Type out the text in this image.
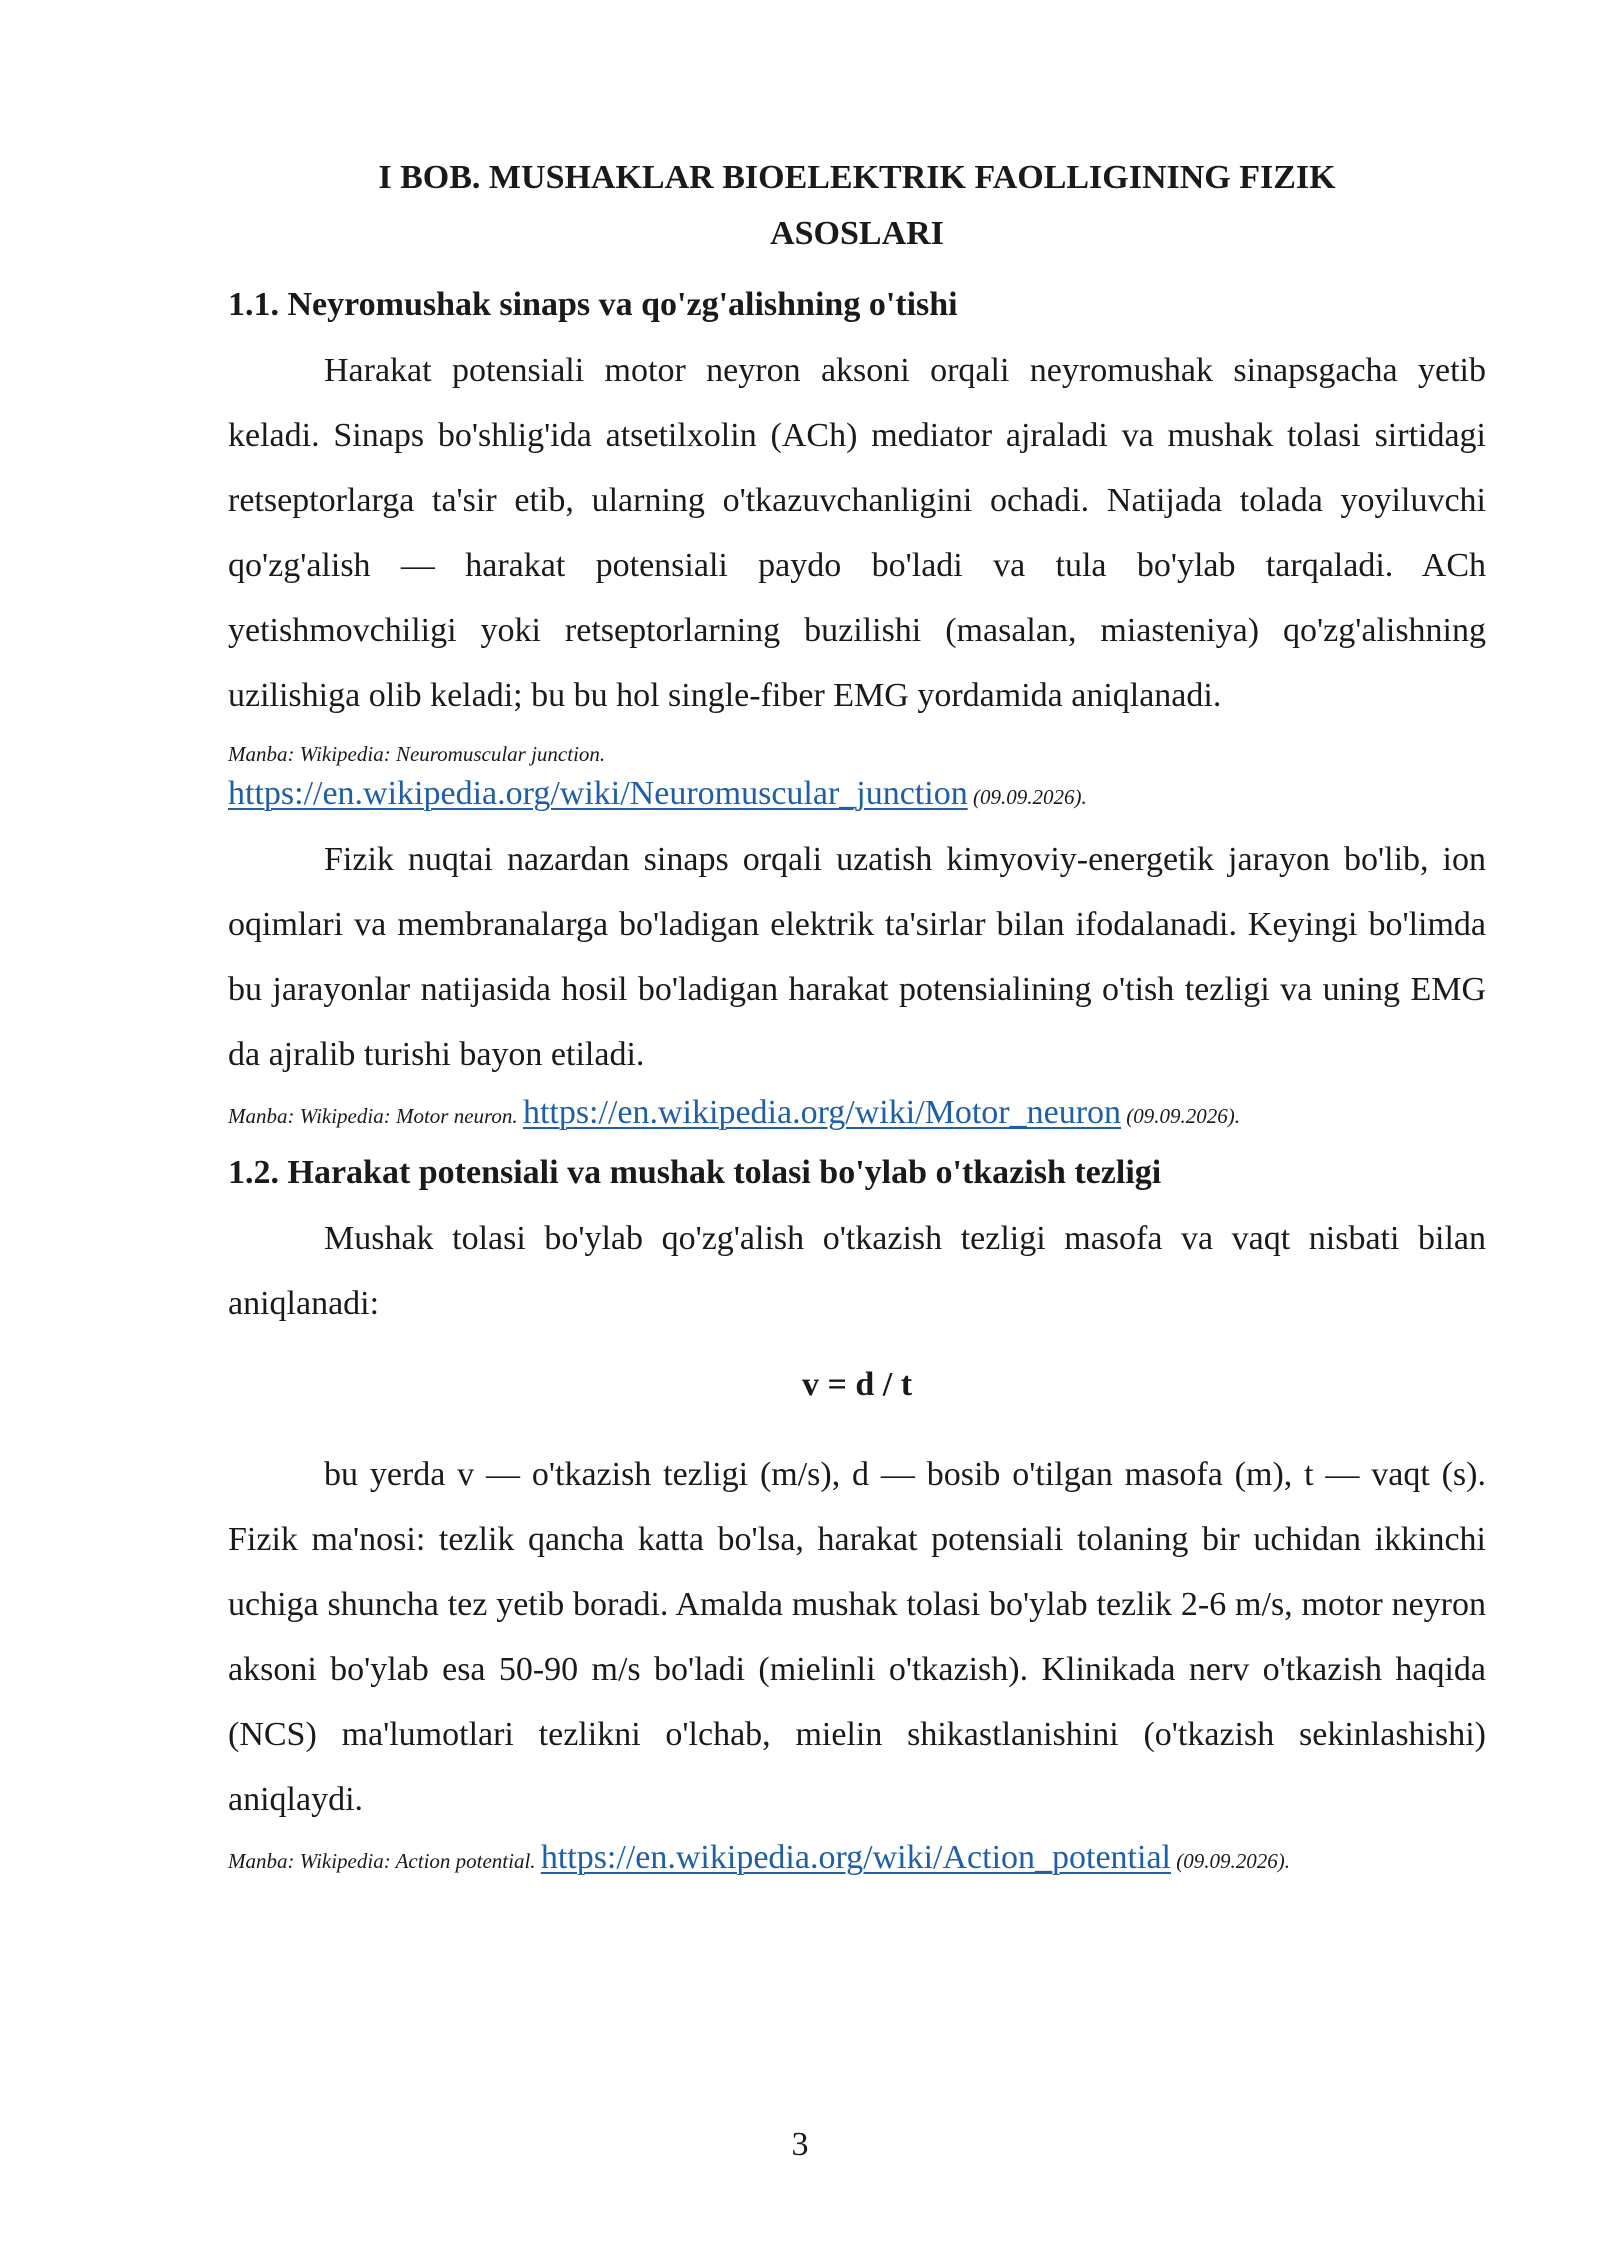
I BOB. MUSHAKLAR BIOELEKTRIK FAOLLIGINING FIZIK ASOSLARI
1.1. Neyromushak sinaps va qo'zg'alishning o'tishi

Harakat potensiali motor neyron aksoni orqali neyromushak sinapsgacha yetib keladi. Sinaps bo'shlig'ida atsetilxolin (ACh) mediator ajraladi va mushak tolasi sirtidagi retseptorlarga ta'sir etib, ularning o'tkazuvchanligini ochadi. Natijada tolada yoyiluvchi qo'zg'alish — harakat potensiali paydo bo'ladi va tula bo'ylab tarqaladi. ACh yetishmovchiligi yoki retseptorlarning buzilishi (masalan, miasteniya) qo'zg'alishning uzilishiga olib keladi; bu bu hol single-fiber EMG yordamida aniqlanadi.

Manba: Wikipedia: Neuromuscular junction.
https://en.wikipedia.org/wiki/Neuromuscular_junction (09.09.2026).

Fizik nuqtai nazardan sinaps orqali uzatish kimyoviy-energetik jarayon bo'lib, ion oqimlari va membranalarga bo'ladigan elektrik ta'sirlar bilan ifodalanadi. Keyingi bo'limda bu jarayonlar natijasida hosil bo'ladigan harakat potensialining o'tish tezligi va uning EMG da ajralib turishi bayon etiladi.

Manba: Wikipedia: Motor neuron. https://en.wikipedia.org/wiki/Motor_neuron (09.09.2026).
1.2. Harakat potensiali va mushak tolasi bo'ylab o'tkazish tezligi

Mushak tolasi bo'ylab qo'zg'alish o'tkazish tezligi masofa va vaqt nisbati bilan aniqlanadi:

v = d / t

bu yerda v — o'tkazish tezligi (m/s), d — bosib o'tilgan masofa (m), t — vaqt (s). Fizik ma'nosi: tezlik qancha katta bo'lsa, harakat potensiali tolaning bir uchidan ikkinchi uchiga shuncha tez yetib boradi. Amalda mushak tolasi bo'ylab tezlik 2-6 m/s, motor neyron aksoni bo'ylab esa 50-90 m/s bo'ladi (mielinli o'tkazish). Klinikada nerv o'tkazish haqida (NCS) ma'lumotlari tezlikni o'lchab, mielin shikastlanishini (o'tkazish sekinlashishi) aniqlaydi.

Manba: Wikipedia: Action potential. https://en.wikipedia.org/wiki/Action_potential (09.09.2026).
3
